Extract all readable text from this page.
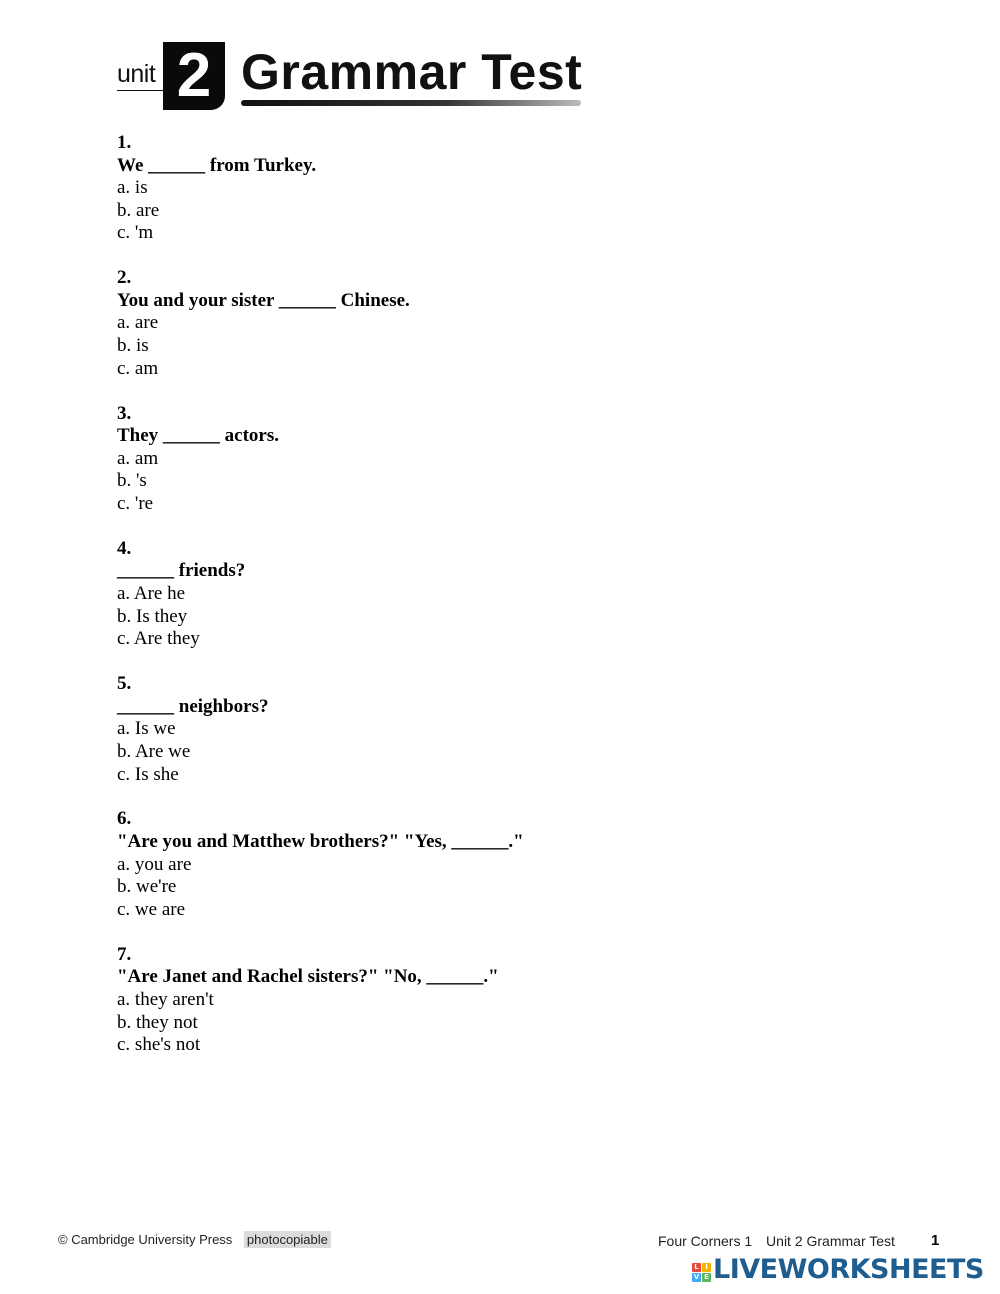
unit 2 Grammar Test
1.
We ______ from Turkey.
a. is
b. are
c. 'm
2.
You and your sister ______ Chinese.
a. are
b. is
c. am
3.
They ______ actors.
a. am
b. 's
c. 're
4.
______ friends?
a. Are he
b. Is they
c. Are they
5.
______ neighbors?
a. Is we
b. Are we
c. Is she
6.
"Are you and Matthew brothers?" "Yes, ______."
a. you are
b. we're
c. we are
7.
"Are Janet and Rachel sisters?" "No, ______."
a. they aren't
b. they not
c. she's not
© Cambridge University Press photocopiable	Four Corners 1 Unit 2 Grammar Test 1
L I
V E LIVEWORKSHEETS
